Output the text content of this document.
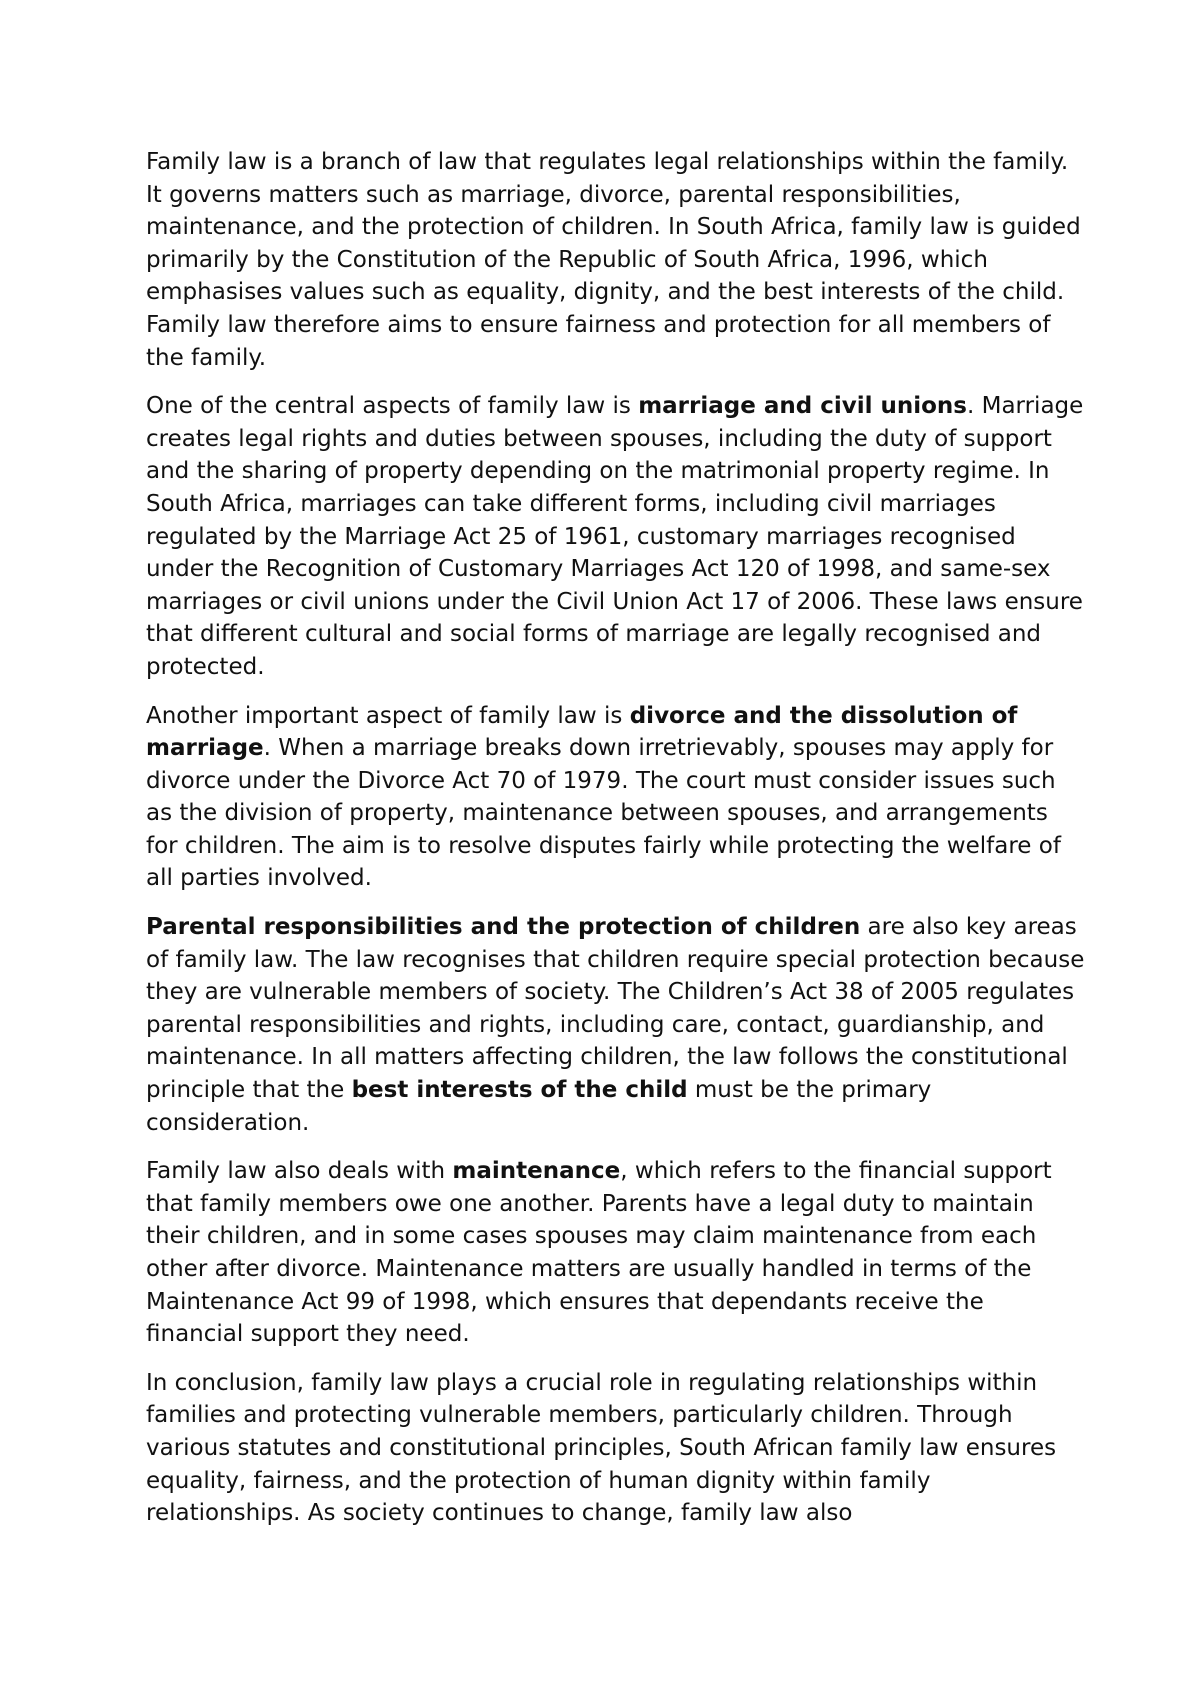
Family law is a branch of law that regulates legal relationships within the family. It governs matters such as marriage, divorce, parental responsibilities, maintenance, and the protection of children. In South Africa, family law is guided primarily by the Constitution of the Republic of South Africa, 1996, which emphasises values such as equality, dignity, and the best interests of the child. Family law therefore aims to ensure fairness and protection for all members of the family.

One of the central aspects of family law is marriage and civil unions. Marriage creates legal rights and duties between spouses, including the duty of support and the sharing of property depending on the matrimonial property regime. In South Africa, marriages can take different forms, including civil marriages regulated by the Marriage Act 25 of 1961, customary marriages recognised under the Recognition of Customary Marriages Act 120 of 1998, and same-sex marriages or civil unions under the Civil Union Act 17 of 2006. These laws ensure that different cultural and social forms of marriage are legally recognised and protected.

Another important aspect of family law is divorce and the dissolution of marriage. When a marriage breaks down irretrievably, spouses may apply for divorce under the Divorce Act 70 of 1979. The court must consider issues such as the division of property, maintenance between spouses, and arrangements for children. The aim is to resolve disputes fairly while protecting the welfare of all parties involved.

Parental responsibilities and the protection of children are also key areas of family law. The law recognises that children require special protection because they are vulnerable members of society. The Children’s Act 38 of 2005 regulates parental responsibilities and rights, including care, contact, guardianship, and maintenance. In all matters affecting children, the law follows the constitutional principle that the best interests of the child must be the primary consideration.

Family law also deals with maintenance, which refers to the financial support that family members owe one another. Parents have a legal duty to maintain their children, and in some cases spouses may claim maintenance from each other after divorce. Maintenance matters are usually handled in terms of the Maintenance Act 99 of 1998, which ensures that dependants receive the financial support they need.

In conclusion, family law plays a crucial role in regulating relationships within families and protecting vulnerable members, particularly children. Through various statutes and constitutional principles, South African family law ensures equality, fairness, and the protection of human dignity within family relationships. As society continues to change, family law also
